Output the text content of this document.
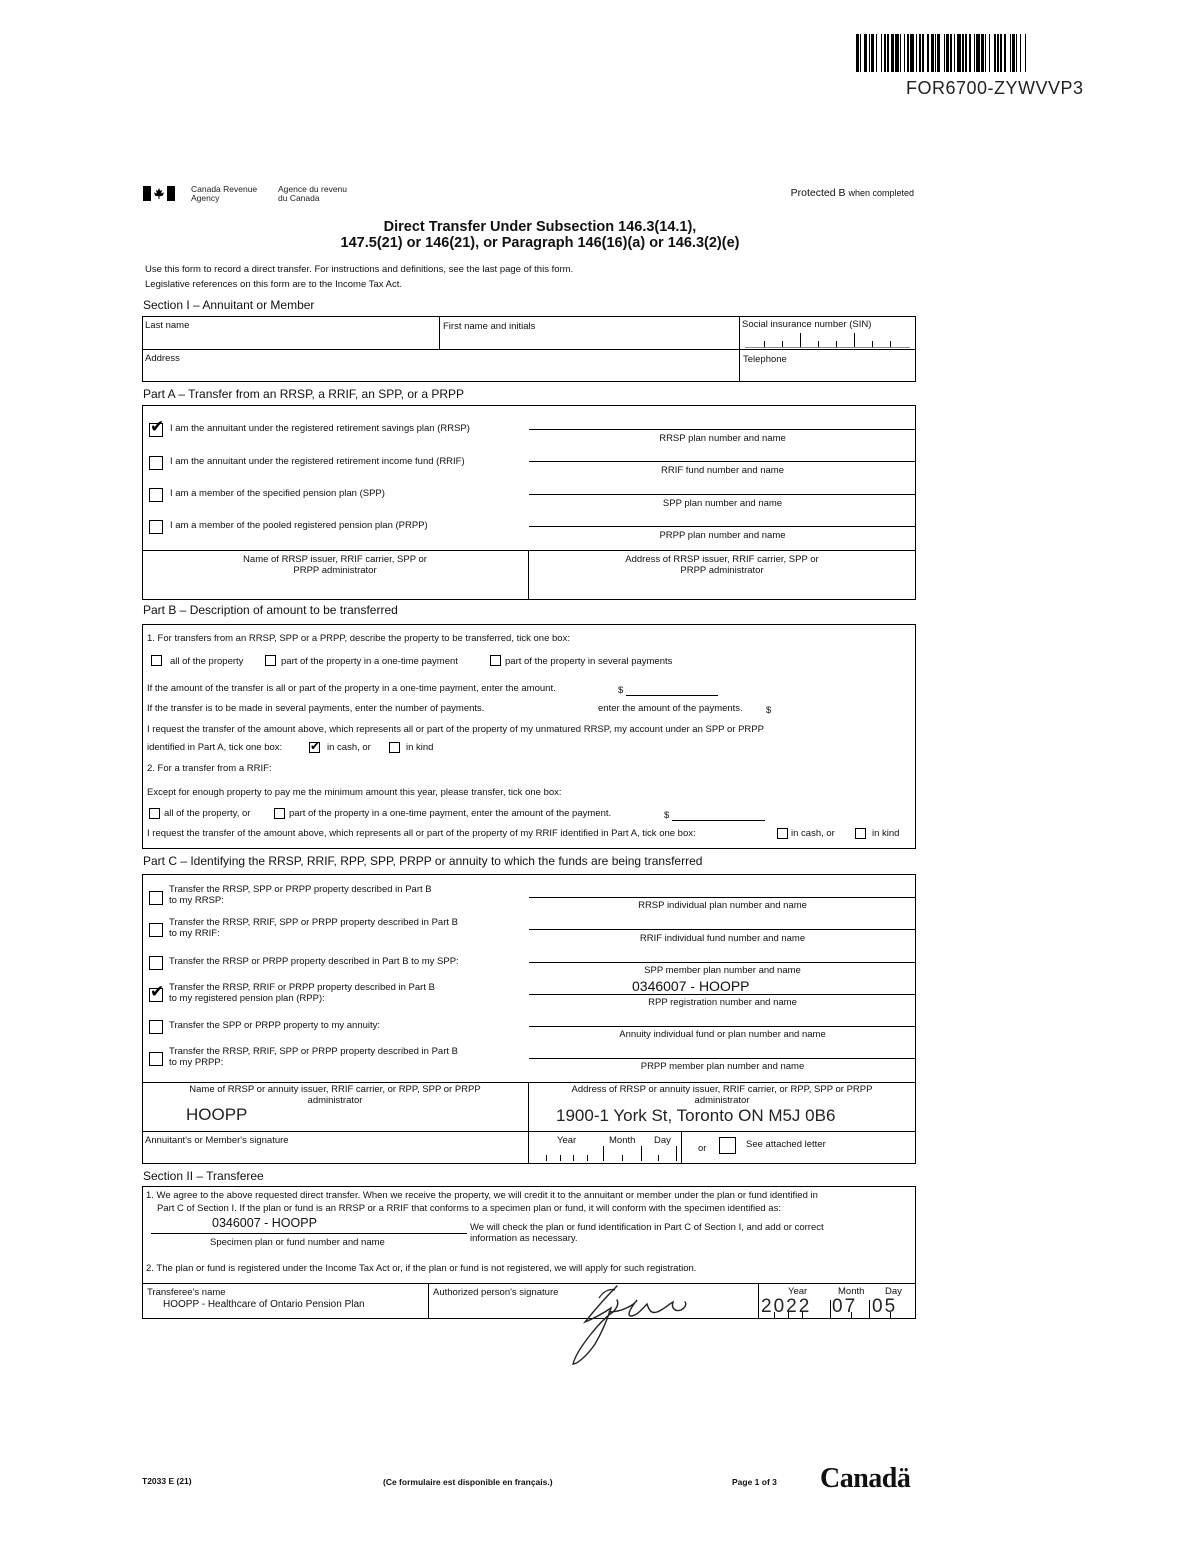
FOR6700-ZYWVVP3
Canada Revenue
Agency
Agence du revenu
du Canada	Protected B when completed
Direct Transfer Under Subsection 146.3(14.1),
147.5(21) or 146(21), or Paragraph 146(16)(a) or 146.3(2)(e)
Use this form to record a direct transfer. For instructions and definitions, see the last page of this form.
Legislative references on this form are to the Income Tax Act.
Section I – Annuitant or Member
Last name	First name and initials	Social insurance number (SIN)
Address	Telephone
Part A – Transfer from an RRSP, a RRIF, an SPP, or a PRPP
✔
I am the annuitant under the registered retirement savings plan (RRSP)
RRSP plan number and name
I am the annuitant under the registered retirement income fund (RRIF)
RRIF fund number and name
I am a member of the specified pension plan (SPP)
SPP plan number and name
I am a member of the pooled registered pension plan (PRPP)
PRPP plan number and name
Name of RRSP issuer, RRIF carrier, SPP or
PRPP administrator
Address of RRSP issuer, RRIF carrier, SPP or
PRPP administrator
Part B – Description of amount to be transferred
1. For transfers from an RRSP, SPP or a PRPP, describe the property to be transferred, tick one box:
all of the property	part of the property in a one-time payment	part of the property in several payments
If the amount of the transfer is all or part of the property in a one-time payment, enter the amount.	$
If the transfer is to be made in several payments, enter the number of payments.	enter the amount of the payments. $
I request the transfer of the amount above, which represents all or part of the property of my unmatured RRSP, my account under an SPP or PRPP
identified in Part A, tick one box:
✔	in cash, or	in kind
2. For a transfer from a RRIF:
Except for enough property to pay me the minimum amount this year, please transfer, tick one box:
all of the property, or	part of the property in a one-time payment, enter the amount of the payment.	$
I request the transfer of the amount above, which represents all or part of the property of my RRIF identified in Part A, tick one box:	in cash, or	in kind
Part C – Identifying the RRSP, RRIF, RPP, SPP, PRPP or annuity to which the funds are being transferred
Transfer the RRSP, SPP or PRPP property described in Part B
to my RRSP:	RRSP individual plan number and name
Transfer the RRSP, RRIF, SPP or PRPP property described in Part B
to my RRIF:	RRIF individual fund number and name
Transfer the RRSP or PRPP property described in Part B to my SPP:
SPP member plan number and name
✔
Transfer the RRSP, RRIF or PRPP property described in Part B
to my registered pension plan (RPP):
0346007 - HOOPP
RPP registration number and name
Transfer the SPP or PRPP property to my annuity:
Annuity individual fund or plan number and name
Transfer the RRSP, RRIF, SPP or PRPP property described in Part B
to my PRPP:	PRPP member plan number and name
Name of RRSP or annuity issuer, RRIF carrier, or RPP, SPP or PRPP
administrator
HOOPP
Address of RRSP or annuity issuer, RRIF carrier, or RPP, SPP or PRPP
administrator
1900-1 York St, Toronto ON M5J 0B6
Annuitant's or Member's signature	Year	Month Day
or	See attached letter
Section II – Transferee
1. We agree to the above requested direct transfer. When we receive the property, we will credit it to the annuitant or member under the plan or fund identified in
Part C of Section I. If the plan or fund is an RRSP or a RRIF that conforms to a specimen plan or fund, it will conform with the specimen identified as:
0346007 - HOOPP
Specimen plan or fund number and name
We will check the plan or fund identification in Part C of Section I, and add or correct
information as necessary.
2. The plan or fund is registered under the Income Tax Act or, if the plan or fund is not registered, we will apply for such registration.
Transferee's name
HOOPP - Healthcare of Ontario Pension Plan
Authorized person's signature	Year	Month Day
2022 07 05
T2033 E (21)	(Ce formulaire est disponible en français.)	Page 1 of 3 Canadä
